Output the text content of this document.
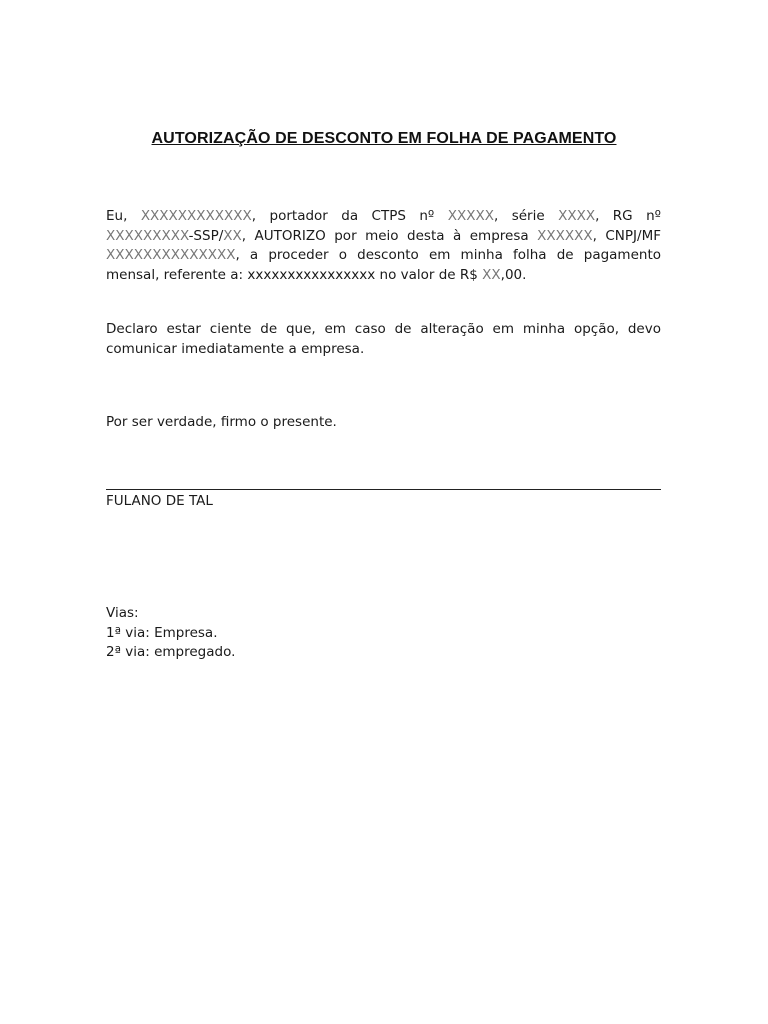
AUTORIZAÇÃO DE DESCONTO EM FOLHA DE PAGAMENTO
Eu, XXXXXXXXXXXX, portador da CTPS nº XXXXX, série XXXX, RG nº XXXXXXXXX-SSP/XX, AUTORIZO por meio desta à empresa XXXXXX, CNPJ/MF XXXXXXXXXXXXXX, a proceder o desconto em minha folha de pagamento mensal, referente a: xxxxxxxxxxxxxxxx no valor de R$ XX,00.
Declaro estar ciente de que, em caso de alteração em minha opção, devo comunicar imediatamente a empresa.
Por ser verdade, firmo o presente.
FULANO DE TAL
Vias:
1ª via: Empresa.
2ª via: empregado.
